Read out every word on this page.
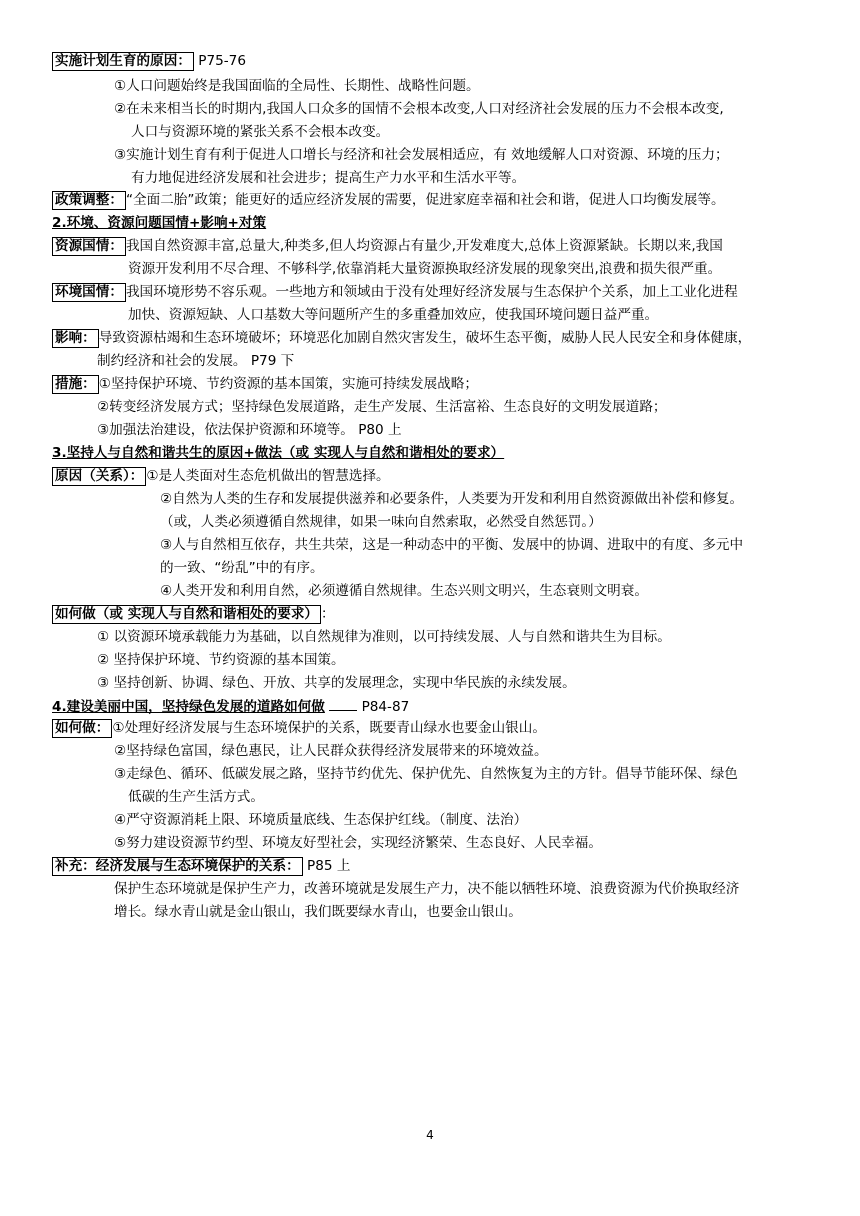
实施计划生育的原因： P75-76
①人口问题始终是我国面临的全局性、长期性、战略性问题。
②在未来相当长的时期内,我国人口众多的国情不会根本改变,人口对经济社会发展的压力不会根本改变,
人口与资源环境的紧张关系不会根本改变。
③实施计划生育有利于促进人口增长与经济和社会发展相适应，有 效地缓解人口对资源、环境的压力；
有力地促进经济发展和社会进步；提高生产力水平和生活水平等。
政策调整： “全面二胎”政策；能更好的适应经济发展的需要，促进家庭幸福和社会和谐，促进人口均衡发展等。
2.环境、资源问题国情+影响+对策
资源国情： 我国自然资源丰富,总量大,种类多,但人均资源占有量少,开发难度大,总体上资源紧缺。长期以来,我国
资源开发利用不尽合理、不够科学,依靠消耗大量资源换取经济发展的现象突出,浪费和损失很严重。
环境国情： 我国环境形势不容乐观。一些地方和领域由于没有处理好经济发展与生态保护个关系，加上工业化进程
加快、资源短缺、人口基数大等问题所产生的多重叠加效应，使我国环境问题日益严重。
影响： 导致资源枯竭和生态环境破坏；环境恶化加剧自然灾害发生，破坏生态平衡，威胁人民人民安全和身体健康，
制约经济和社会的发展。 P79 下
措施： ①坚持保护环境、节约资源的基本国策，实施可持续发展战略；
②转变经济发展方式；坚持绿色发展道路，走生产发展、生活富裕、生态良好的文明发展道路；
③加强法治建设，依法保护资源和环境等。 P80 上
3.坚持人与自然和谐共生的原因+做法（或 实现人与自然和谐相处的要求）
原因（关系）： ①是人类面对生态危机做出的智慧选择。
②自然为人类的生存和发展提供滋养和必要条件，人类要为开发和利用自然资源做出补偿和修复。
（或，人类必须遵循自然规律，如果一味向自然索取，必然受自然惩罚。）
③人与自然相互依存，共生共荣，这是一种动态中的平衡、发展中的协调、进取中的有度、多元中
的一致、“纷乱”中的有序。
④人类开发和利用自然，必须遵循自然规律。生态兴则文明兴，生态衰则文明衰。
如何做（或 实现人与自然和谐相处的要求） ：
① 以资源环境承载能力为基础，以自然规律为准则，以可持续发展、人与自然和谐共生为目标。
② 坚持保护环境、节约资源的基本国策。
③ 坚持创新、协调、绿色、开放、共享的发展理念，实现中华民族的永续发展。
4.建设美丽中国，坚持绿色发展的道路如何做	P84-87
如何做： ①处理好经济发展与生态环境保护的关系，既要青山绿水也要金山银山。
②坚持绿色富国，绿色惠民，让人民群众获得经济发展带来的环境效益。
③走绿色、循环、低碳发展之路，坚持节约优先、保护优先、自然恢复为主的方针。倡导节能环保、绿色
低碳的生产生活方式。
④严守资源消耗上限、环境质量底线、生态保护红线。（制度、法治）
⑤努力建设资源节约型、环境友好型社会，实现经济繁荣、生态良好、人民幸福。
补充：经济发展与生态环境保护的关系： P85 上
保护生态环境就是保护生产力，改善环境就是发展生产力，决不能以牺牲环境、浪费资源为代价换取经济
增长。绿水青山就是金山银山，我们既要绿水青山，也要金山银山。
4
